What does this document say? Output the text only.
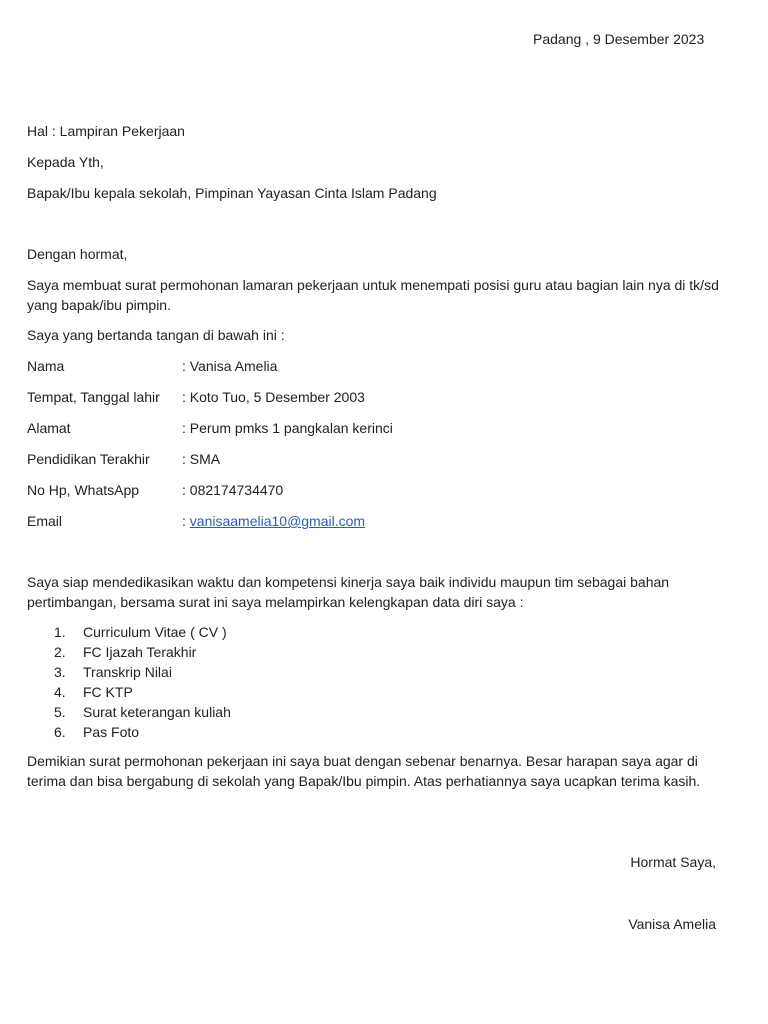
Padang , 9 Desember 2023
Hal : Lampiran Pekerjaan
Kepada Yth,
Bapak/Ibu kepala sekolah, Pimpinan Yayasan Cinta Islam Padang
Dengan hormat,
Saya membuat surat permohonan lamaran pekerjaan untuk menempati posisi guru atau bagian lain nya di tk/sd yang bapak/ibu pimpin.
Saya yang bertanda tangan di bawah ini :
Nama	: Vanisa Amelia
Tempat, Tanggal lahir : Koto Tuo, 5 Desember 2003
Alamat	: Perum pmks 1 pangkalan kerinci
Pendidikan Terakhir : SMA
No Hp, WhatsApp	: 082174734470
Email	: vanisaamelia10@gmail.com
Saya siap mendedikasikan waktu dan kompetensi kinerja saya baik individu maupun tim sebagai bahan pertimbangan, bersama surat ini saya melampirkan kelengkapan data diri saya :
1.	Curriculum Vitae ( CV )
2.	FC Ijazah Terakhir
3.	Transkrip Nilai
4.	FC KTP
5.	Surat keterangan kuliah
6.	Pas Foto
Demikian surat permohonan pekerjaan ini saya buat dengan sebenar benarnya. Besar harapan saya agar di terima dan bisa bergabung di sekolah yang Bapak/Ibu pimpin. Atas perhatiannya saya ucapkan terima kasih.
Hormat Saya,
Vanisa Amelia
